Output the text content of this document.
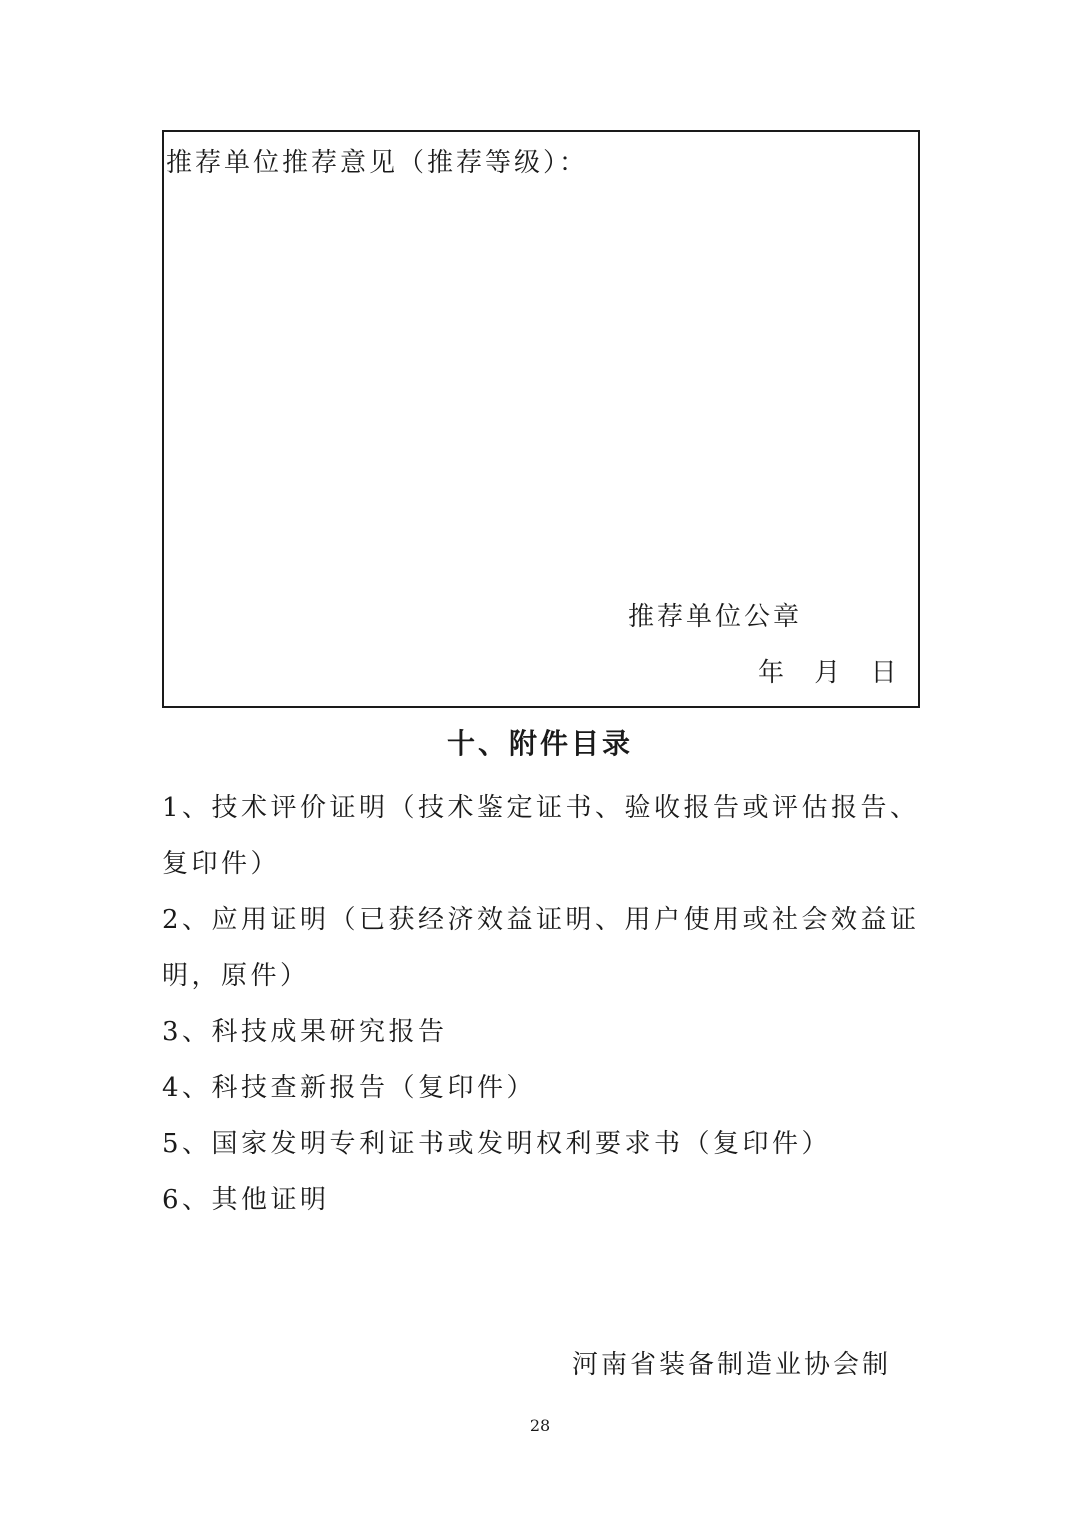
推荐单位推荐意见（推荐等级）：
推荐单位公章
年 月 日
十、附件目录
1、技术评价证明（技术鉴定证书、验收报告或评估报告、复印件）
2、应用证明（已获经济效益证明、用户使用或社会效益证明，原件）
3、科技成果研究报告
4、科技查新报告（复印件）
5、国家发明专利证书或发明权利要求书（复印件）
6、其他证明
河南省装备制造业协会制
28
